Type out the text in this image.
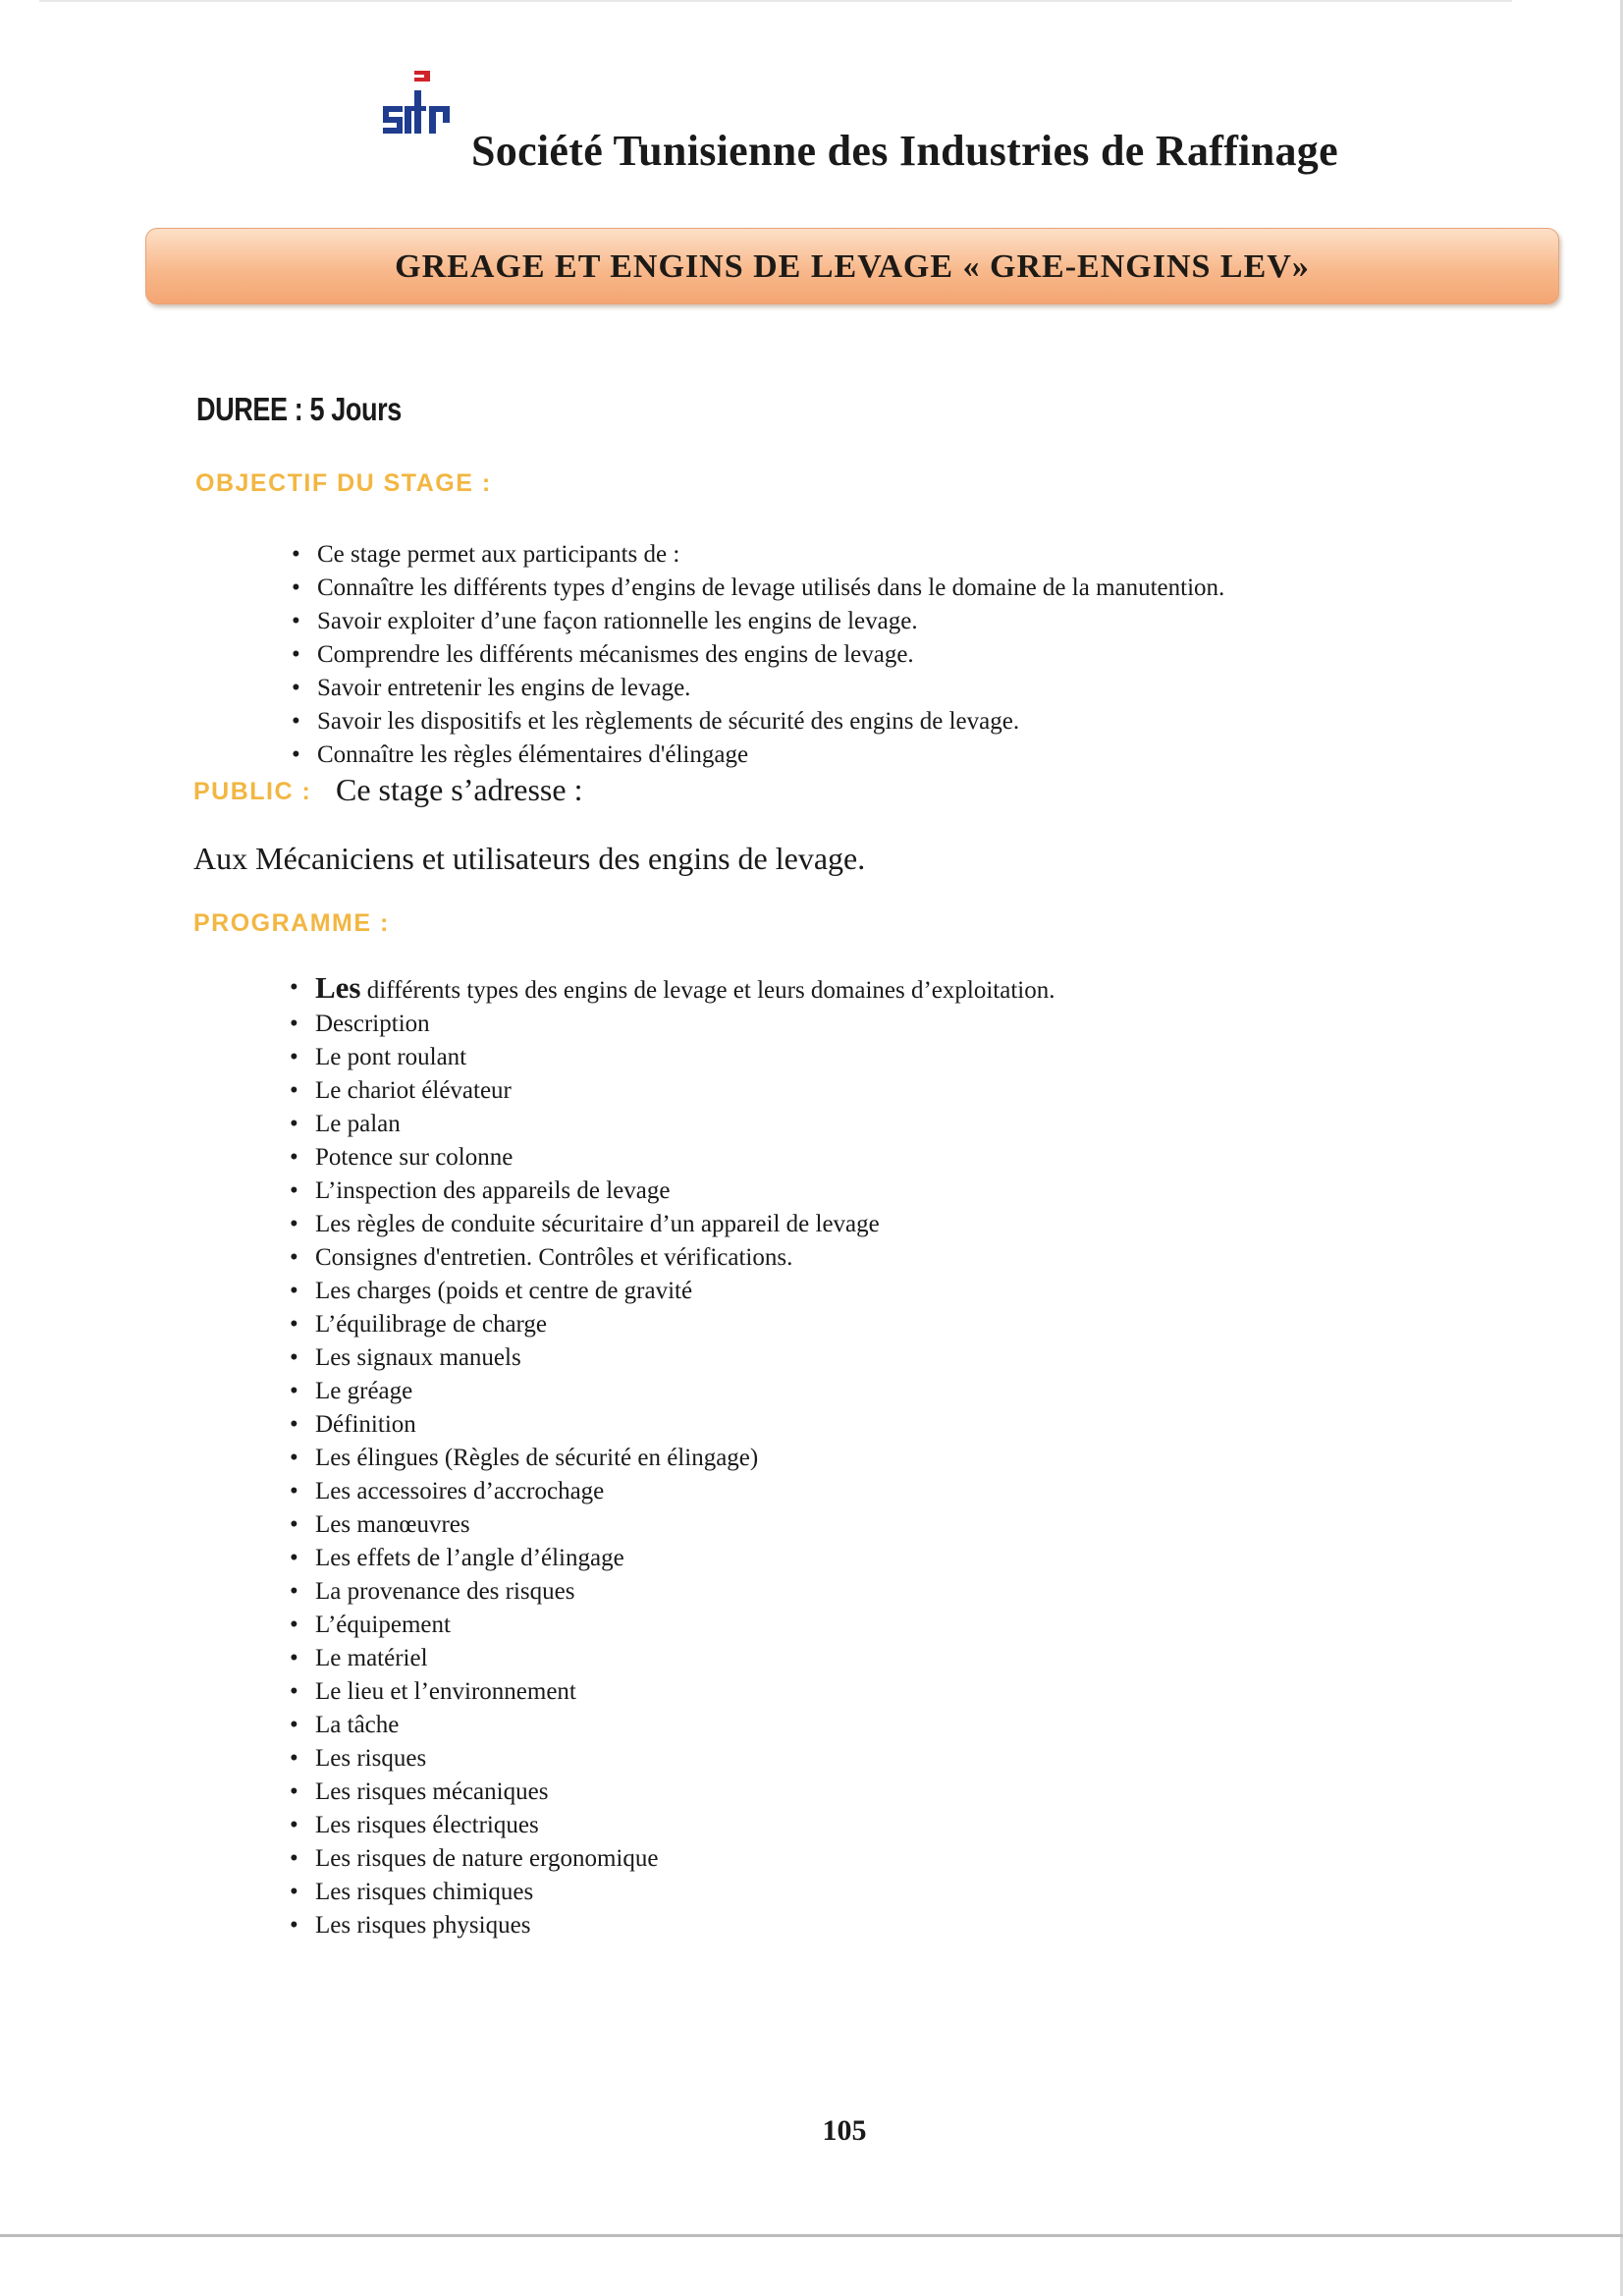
Société Tunisienne des Industries de Raffinage
GREAGE ET ENGINS DE LEVAGE « GRE-ENGINS LEV»
DUREE : 5 Jours
OBJECTIF DU STAGE :
• Ce stage permet aux participants de :
• Connaître les différents types d’engins de levage utilisés dans le domaine de la manutention.
• Savoir exploiter d’une façon rationnelle les engins de levage.
• Comprendre les différents mécanismes des engins de levage.
• Savoir entretenir les engins de levage.
• Savoir les dispositifs et les règlements de sécurité des engins de levage.
• Connaître les règles élémentaires d'élingage
PUBLIC : Ce stage s’adresse :
Aux Mécaniciens et utilisateurs des engins de levage.
PROGRAMME :
• Les différents types des engins de levage et leurs domaines d’exploitation.
• Description
• Le pont roulant
• Le chariot élévateur
• Le palan
• Potence sur colonne
• L’inspection des appareils de levage
• Les règles de conduite sécuritaire d’un appareil de levage
• Consignes d'entretien. Contrôles et vérifications.
• Les charges (poids et centre de gravité
• L’équilibrage de charge
• Les signaux manuels
• Le gréage
• Définition
• Les élingues (Règles de sécurité en élingage)
• Les accessoires d’accrochage
• Les manœuvres
• Les effets de l’angle d’élingage
• La provenance des risques
• L’équipement
• Le matériel
• Le lieu et l’environnement
• La tâche
• Les risques
• Les risques mécaniques
• Les risques électriques
• Les risques de nature ergonomique
• Les risques chimiques
• Les risques physiques
105
